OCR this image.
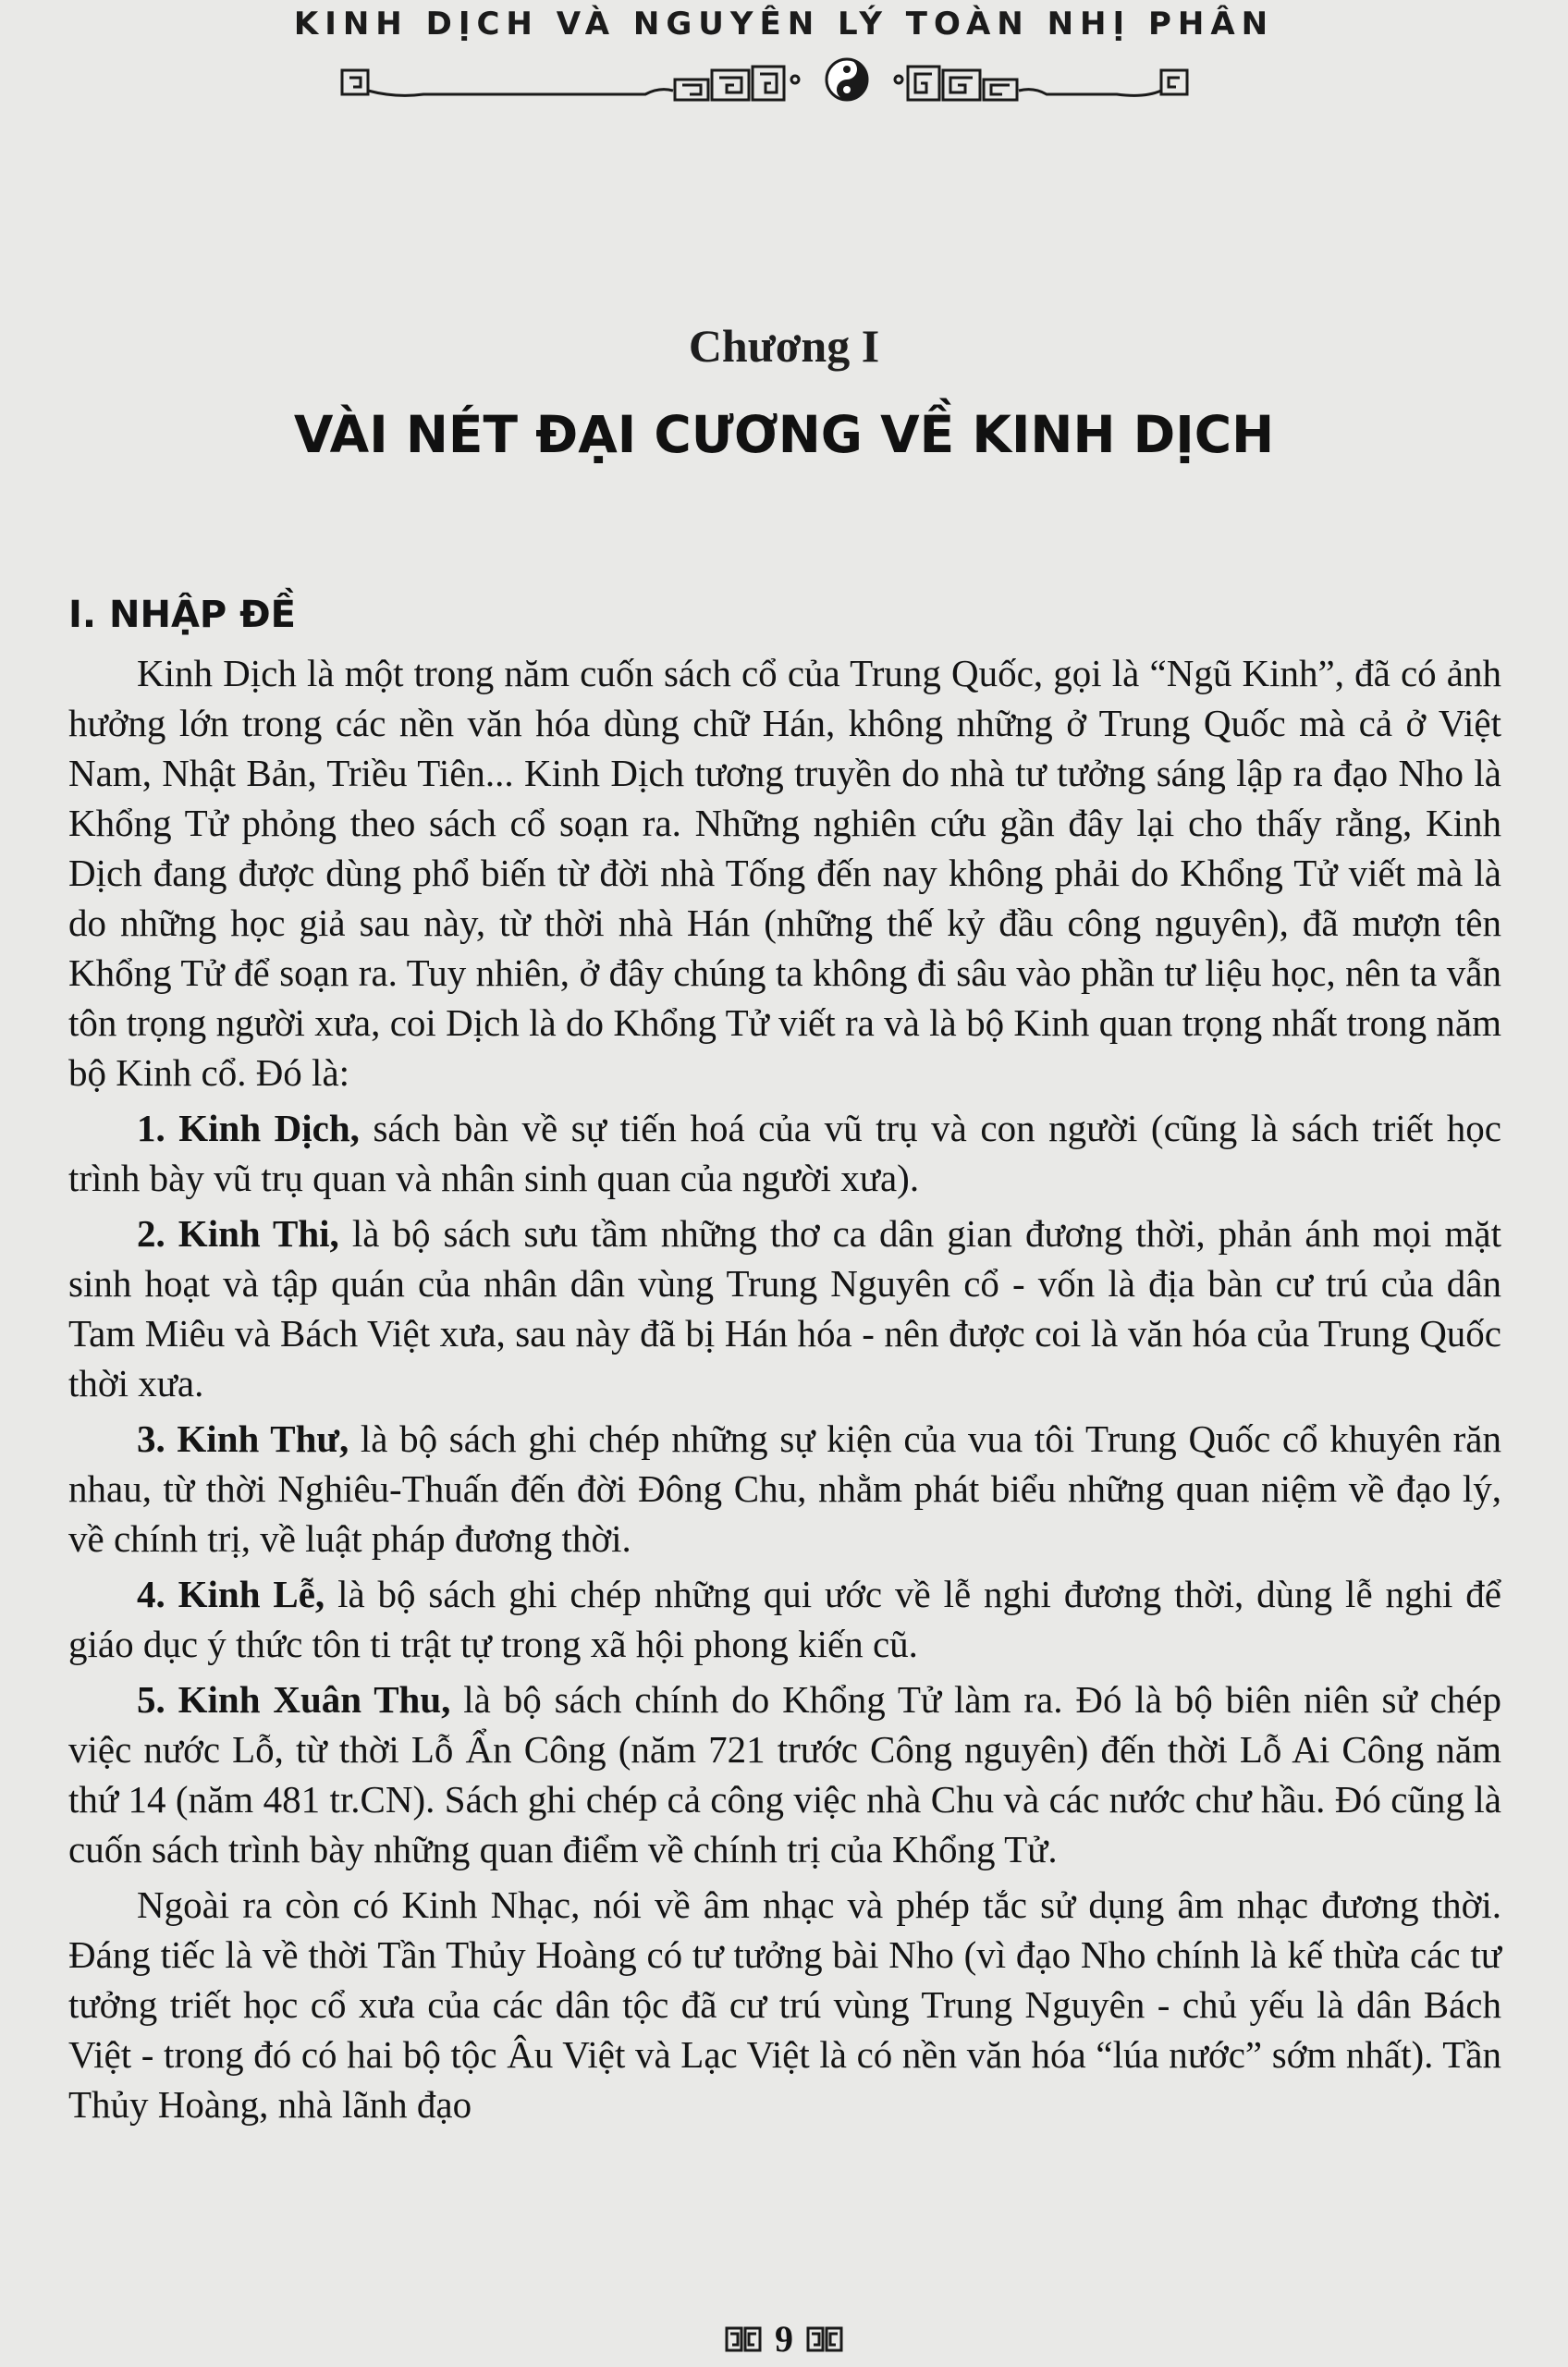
KINH DỊCH VÀ NGUYÊN LÝ TOÀN NHỊ PHÂN
Chương I
VÀI NÉT ĐẠI CƯƠNG VỀ KINH DỊCH
I. NHẬP ĐỀ

Kinh Dịch là một trong năm cuốn sách cổ của Trung Quốc, gọi là “Ngũ Kinh”, đã có ảnh hưởng lớn trong các nền văn hóa dùng chữ Hán, không những ở Trung Quốc mà cả ở Việt Nam, Nhật Bản, Triều Tiên... Kinh Dịch tương truyền do nhà tư tưởng sáng lập ra đạo Nho là Khổng Tử phỏng theo sách cổ soạn ra. Những nghiên cứu gần đây lại cho thấy rằng, Kinh Dịch đang được dùng phổ biến từ đời nhà Tống đến nay không phải do Khổng Tử viết mà là do những học giả sau này, từ thời nhà Hán (những thế kỷ đầu công nguyên), đã mượn tên Khổng Tử để soạn ra. Tuy nhiên, ở đây chúng ta không đi sâu vào phần tư liệu học, nên ta vẫn tôn trọng người xưa, coi Dịch là do Khổng Tử viết ra và là bộ Kinh quan trọng nhất trong năm bộ Kinh cổ. Đó là:

1. Kinh Dịch, sách bàn về sự tiến hoá của vũ trụ và con người (cũng là sách triết học trình bày vũ trụ quan và nhân sinh quan của người xưa).

2. Kinh Thi, là bộ sách sưu tầm những thơ ca dân gian đương thời, phản ánh mọi mặt sinh hoạt và tập quán của nhân dân vùng Trung Nguyên cổ - vốn là địa bàn cư trú của dân Tam Miêu và Bách Việt xưa, sau này đã bị Hán hóa - nên được coi là văn hóa của Trung Quốc thời xưa.

3. Kinh Thư, là bộ sách ghi chép những sự kiện của vua tôi Trung Quốc cổ khuyên răn nhau, từ thời Nghiêu-Thuấn đến đời Đông Chu, nhằm phát biểu những quan niệm về đạo lý, về chính trị, về luật pháp đương thời.

4. Kinh Lễ, là bộ sách ghi chép những qui ước về lễ nghi đương thời, dùng lễ nghi để giáo dục ý thức tôn ti trật tự trong xã hội phong kiến cũ.

5. Kinh Xuân Thu, là bộ sách chính do Khổng Tử làm ra. Đó là bộ biên niên sử chép việc nước Lỗ, từ thời Lỗ Ẩn Công (năm 721 trước Công nguyên) đến thời Lỗ Ai Công năm thứ 14 (năm 481 tr.CN). Sách ghi chép cả công việc nhà Chu và các nước chư hầu. Đó cũng là cuốn sách trình bày những quan điểm về chính trị của Khổng Tử.

Ngoài ra còn có Kinh Nhạc, nói về âm nhạc và phép tắc sử dụng âm nhạc đương thời. Đáng tiếc là về thời Tần Thủy Hoàng có tư tưởng bài Nho (vì đạo Nho chính là kế thừa các tư tưởng triết học cổ xưa của các dân tộc đã cư trú vùng Trung Nguyên - chủ yếu là dân Bách Việt - trong đó có hai bộ tộc Âu Việt và Lạc Việt là có nền văn hóa “lúa nước” sớm nhất). Tần Thủy Hoàng, nhà lãnh đạo

9
